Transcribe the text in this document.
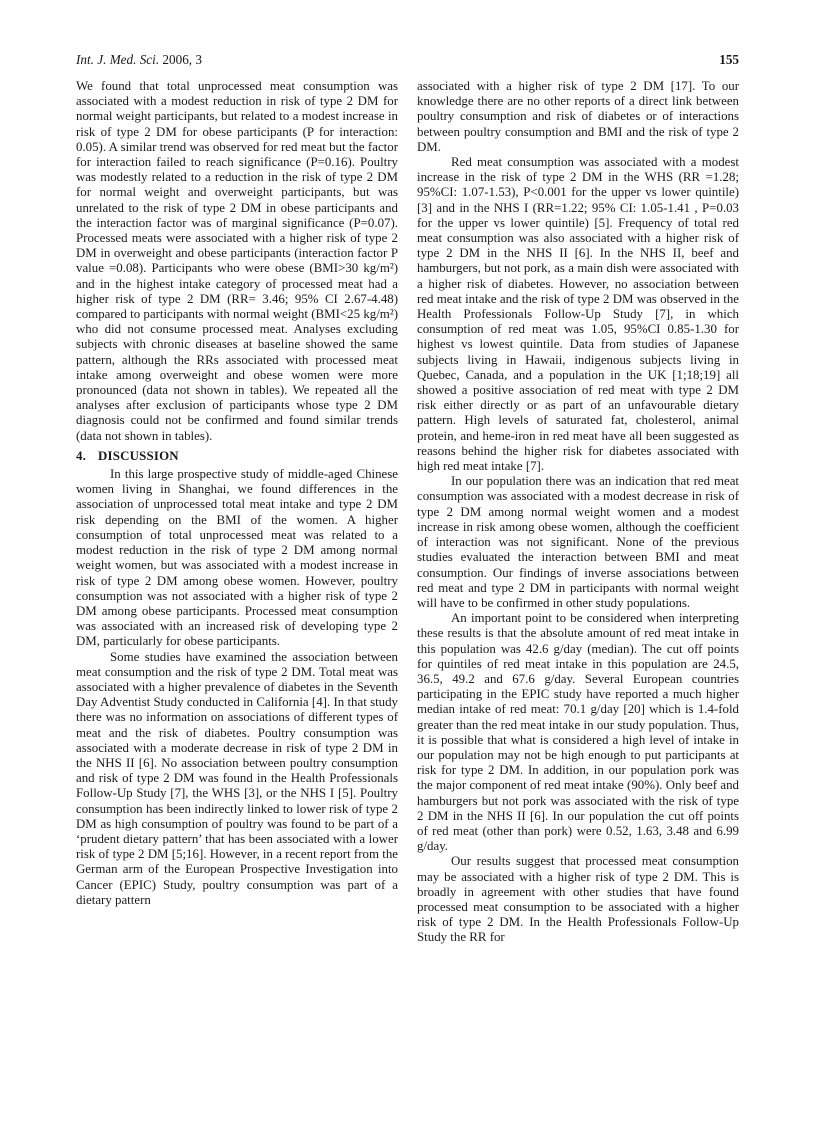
Int. J. Med. Sci. 2006, 3	155

We found that total unprocessed meat consumption was associated with a modest reduction in risk of type 2 DM for normal weight participants, but related to a modest increase in risk of type 2 DM for obese participants (P for interaction: 0.05). A similar trend was observed for red meat but the factor for interaction failed to reach significance (P=0.16). Poultry was modestly related to a reduction in the risk of type 2 DM for normal weight and overweight participants, but was unrelated to the risk of type 2 DM in obese participants and the interaction factor was of marginal significance (P=0.07). Processed meats were associated with a higher risk of type 2 DM in overweight and obese participants (interaction factor P value =0.08). Participants who were obese (BMI>30 kg/m²) and in the highest intake category of processed meat had a higher risk of type 2 DM (RR= 3.46; 95% CI 2.67-4.48) compared to participants with normal weight (BMI<25 kg/m²) who did not consume processed meat. Analyses excluding subjects with chronic diseases at baseline showed the same pattern, although the RRs associated with processed meat intake among overweight and obese women were more pronounced (data not shown in tables). We repeated all the analyses after exclusion of participants whose type 2 DM diagnosis could not be confirmed and found similar trends (data not shown in tables).

4. DISCUSSION

In this large prospective study of middle-aged Chinese women living in Shanghai, we found differences in the association of unprocessed total meat intake and type 2 DM risk depending on the BMI of the women. A higher consumption of total unprocessed meat was related to a modest reduction in the risk of type 2 DM among normal weight women, but was associated with a modest increase in risk of type 2 DM among obese women. However, poultry consumption was not associated with a higher risk of type 2 DM among obese participants. Processed meat consumption was associated with an increased risk of developing type 2 DM, particularly for obese participants.

Some studies have examined the association between meat consumption and the risk of type 2 DM. Total meat was associated with a higher prevalence of diabetes in the Seventh Day Adventist Study conducted in California [4]. In that study there was no information on associations of different types of meat and the risk of diabetes. Poultry consumption was associated with a moderate decrease in risk of type 2 DM in the NHS II [6]. No association between poultry consumption and risk of type 2 DM was found in the Health Professionals Follow-Up Study [7], the WHS [3], or the NHS I [5]. Poultry consumption has been indirectly linked to lower risk of type 2 DM as high consumption of poultry was found to be part of a ‘prudent dietary pattern’ that has been associated with a lower risk of type 2 DM [5;16]. However, in a recent report from the German arm of the European Prospective Investigation into Cancer (EPIC) Study, poultry consumption was part of a dietary pattern

associated with a higher risk of type 2 DM [17]. To our knowledge there are no other reports of a direct link between poultry consumption and risk of diabetes or of interactions between poultry consumption and BMI and the risk of type 2 DM.

Red meat consumption was associated with a modest increase in the risk of type 2 DM in the WHS (RR =1.28; 95%CI: 1.07-1.53), P<0.001 for the upper vs lower quintile) [3] and in the NHS I (RR=1.22; 95% CI: 1.05-1.41 , P=0.03 for the upper vs lower quintile) [5]. Frequency of total red meat consumption was also associated with a higher risk of type 2 DM in the NHS II [6]. In the NHS II, beef and hamburgers, but not pork, as a main dish were associated with a higher risk of diabetes. However, no association between red meat intake and the risk of type 2 DM was observed in the Health Professionals Follow-Up Study [7], in which consumption of red meat was 1.05, 95%CI 0.85-1.30 for highest vs lowest quintile. Data from studies of Japanese subjects living in Hawaii, indigenous subjects living in Quebec, Canada, and a population in the UK [1;18;19] all showed a positive association of red meat with type 2 DM risk either directly or as part of an unfavourable dietary pattern. High levels of saturated fat, cholesterol, animal protein, and heme-iron in red meat have all been suggested as reasons behind the higher risk for diabetes associated with high red meat intake [7].

In our population there was an indication that red meat consumption was associated with a modest decrease in risk of type 2 DM among normal weight women and a modest increase in risk among obese women, although the coefficient of interaction was not significant. None of the previous studies evaluated the interaction between BMI and meat consumption. Our findings of inverse associations between red meat and type 2 DM in participants with normal weight will have to be confirmed in other study populations.

An important point to be considered when interpreting these results is that the absolute amount of red meat intake in this population was 42.6 g/day (median). The cut off points for quintiles of red meat intake in this population are 24.5, 36.5, 49.2 and 67.6 g/day. Several European countries participating in the EPIC study have reported a much higher median intake of red meat: 70.1 g/day [20] which is 1.4-fold greater than the red meat intake in our study population. Thus, it is possible that what is considered a high level of intake in our population may not be high enough to put participants at risk for type 2 DM. In addition, in our population pork was the major component of red meat intake (90%). Only beef and hamburgers but not pork was associated with the risk of type 2 DM in the NHS II [6]. In our population the cut off points of red meat (other than pork) were 0.52, 1.63, 3.48 and 6.99 g/day.

Our results suggest that processed meat consumption may be associated with a higher risk of type 2 DM. This is broadly in agreement with other studies that have found processed meat consumption to be associated with a higher risk of type 2 DM. In the Health Professionals Follow-Up Study the RR for
